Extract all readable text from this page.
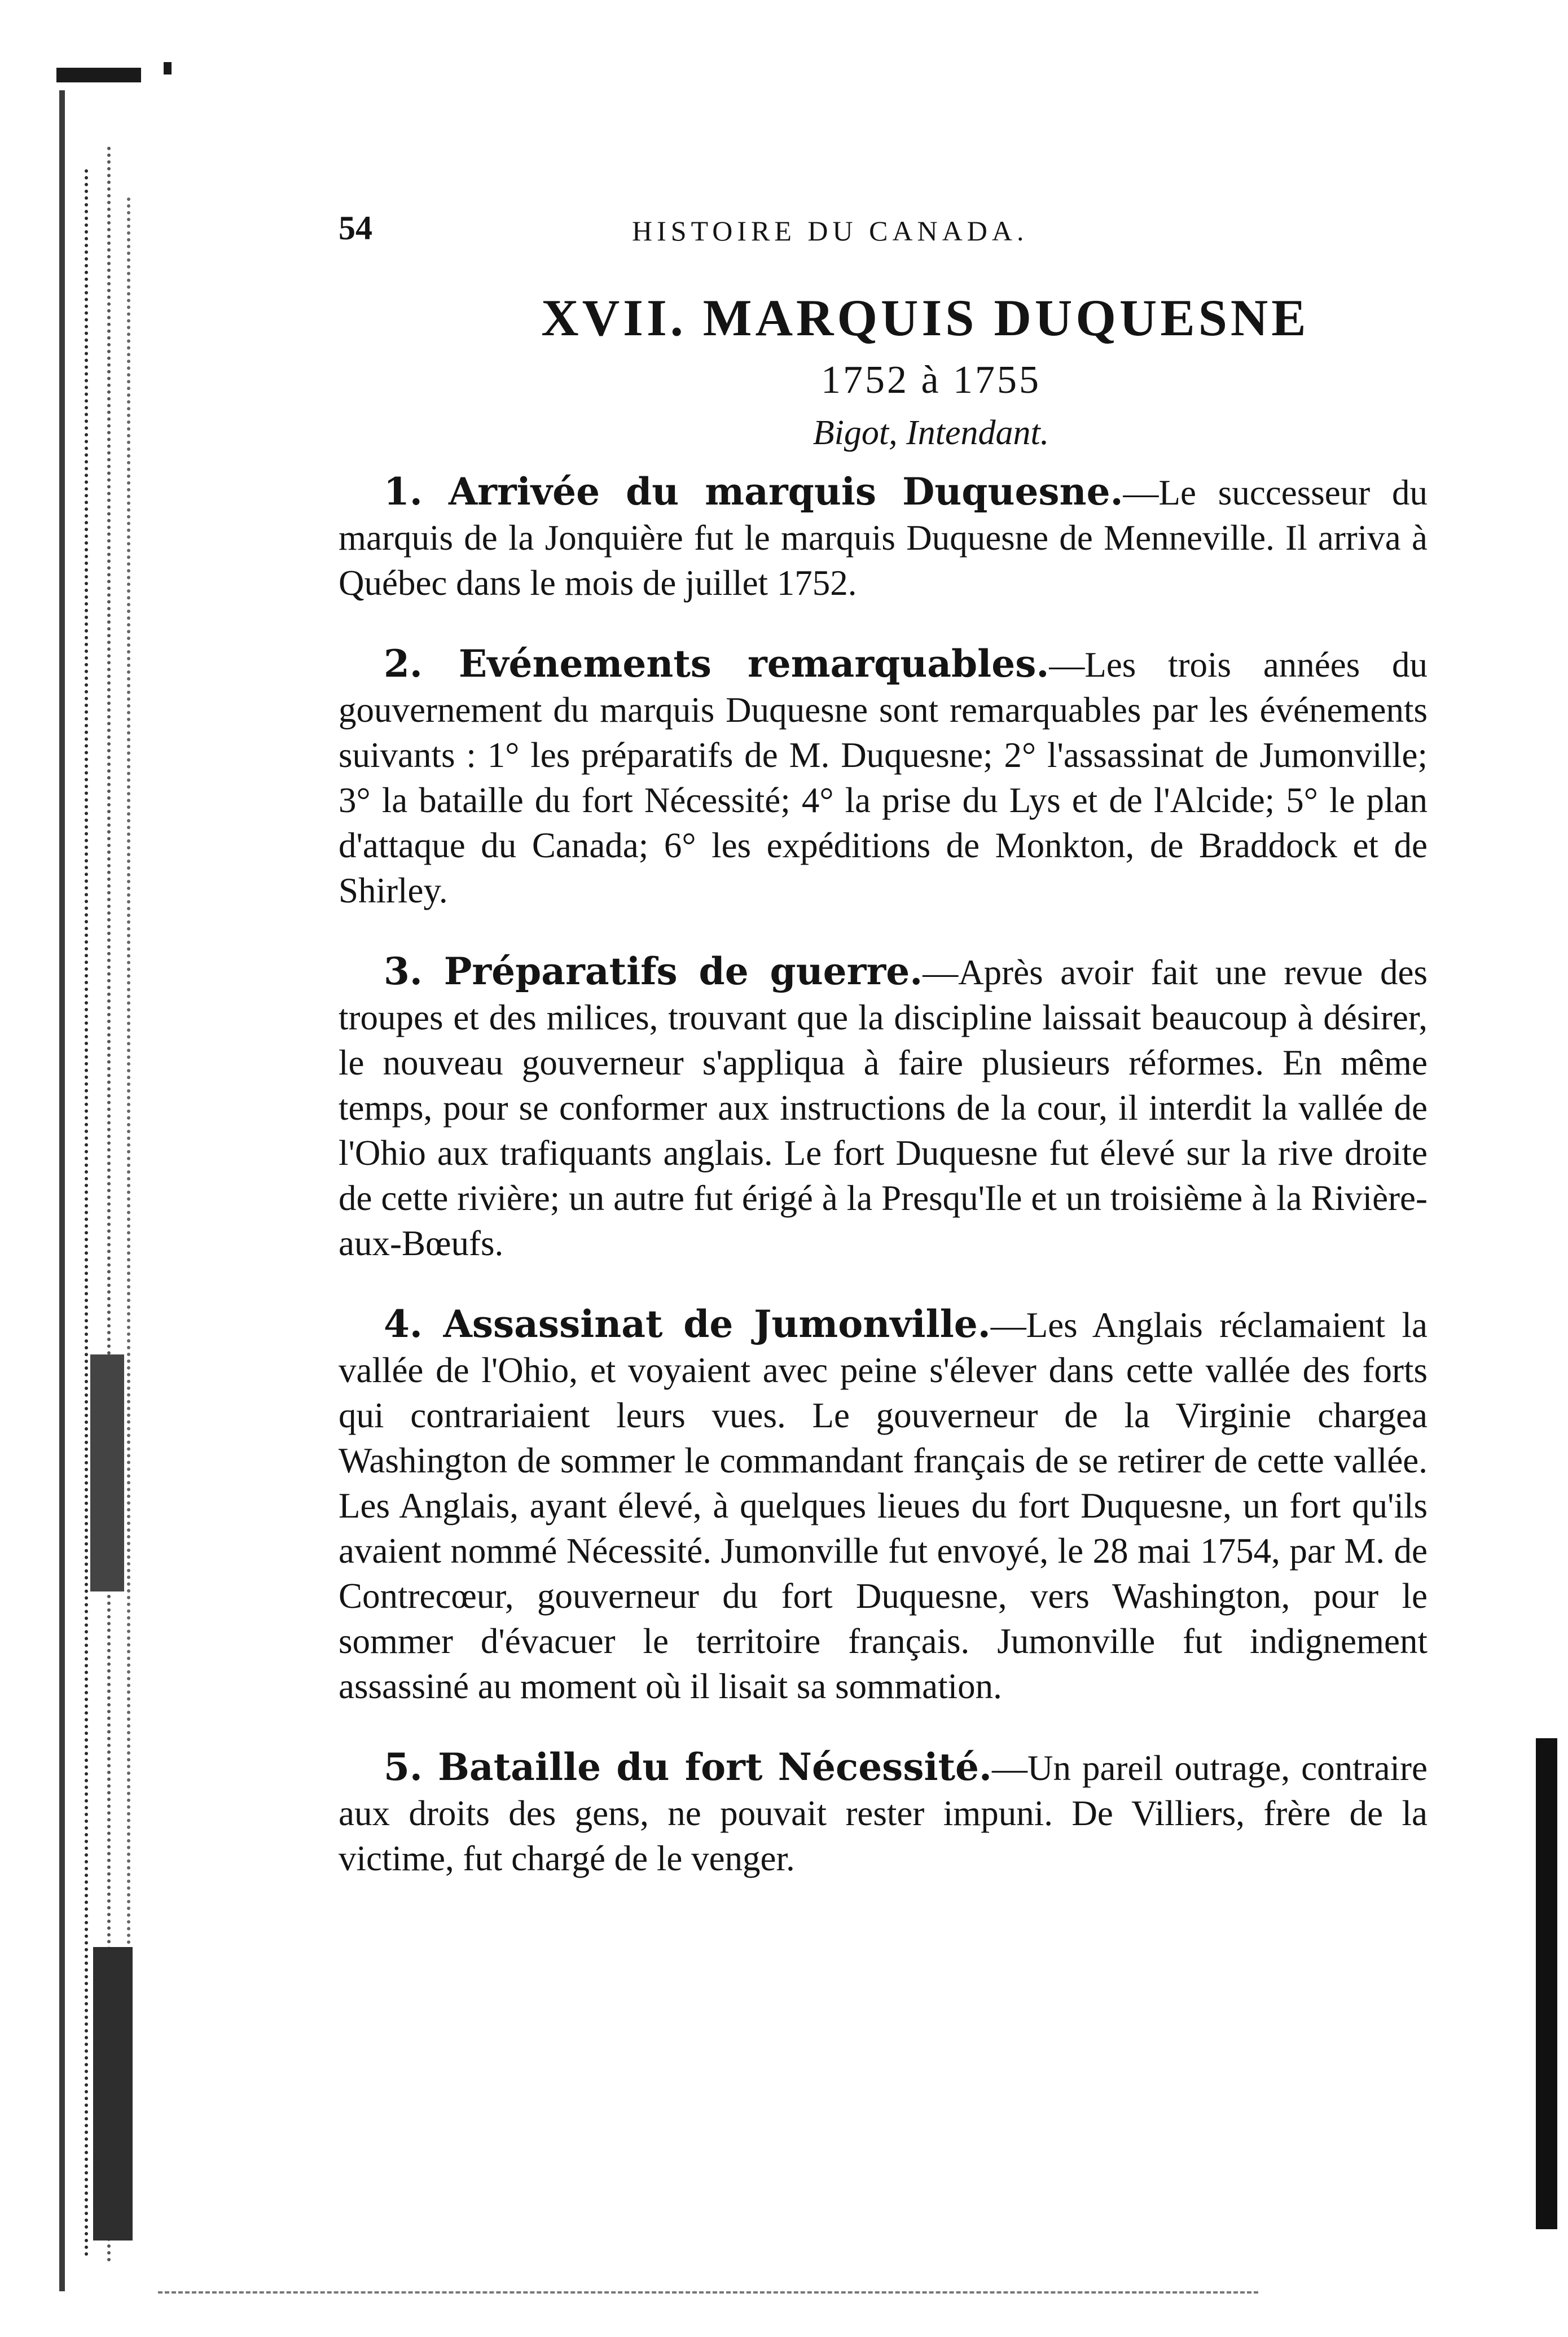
54	HISTOIRE DU CANADA.
XVII. MARQUIS DUQUESNE
1752 à 1755
Bigot, Intendant.

1. Arrivée du marquis Duquesne.—Le successeur du marquis de la Jonquière fut le marquis Duquesne de Menneville. Il arriva à Québec dans le mois de juillet 1752.

2. Evénements remarquables.—Les trois années du gouvernement du marquis Duquesne sont remarquables par les événements suivants : 1° les préparatifs de M. Duquesne; 2° l'assassinat de Jumonville; 3° la bataille du fort Nécessité; 4° la prise du Lys et de l'Alcide; 5° le plan d'attaque du Canada; 6° les expéditions de Monkton, de Braddock et de Shirley.

3. Préparatifs de guerre.—Après avoir fait une revue des troupes et des milices, trouvant que la discipline laissait beaucoup à désirer, le nouveau gouverneur s'appliqua à faire plusieurs réformes. En même temps, pour se conformer aux instructions de la cour, il interdit la vallée de l'Ohio aux trafiquants anglais. Le fort Duquesne fut élevé sur la rive droite de cette rivière; un autre fut érigé à la Presqu'Ile et un troisième à la Rivière-aux-Bœufs.

4. Assassinat de Jumonville.—Les Anglais réclamaient la vallée de l'Ohio, et voyaient avec peine s'élever dans cette vallée des forts qui contrariaient leurs vues. Le gouverneur de la Virginie chargea Washington de sommer le commandant français de se retirer de cette vallée. Les Anglais, ayant élevé, à quelques lieues du fort Duquesne, un fort qu'ils avaient nommé Nécessité. Jumonville fut envoyé, le 28 mai 1754, par M. de Contrecœur, gouverneur du fort Duquesne, vers Washington, pour le sommer d'évacuer le territoire français. Jumonville fut indignement assassiné au moment où il lisait sa sommation.

5. Bataille du fort Nécessité.—Un pareil outrage, contraire aux droits des gens, ne pouvait rester impuni. De Villiers, frère de la victime, fut chargé de le venger.
